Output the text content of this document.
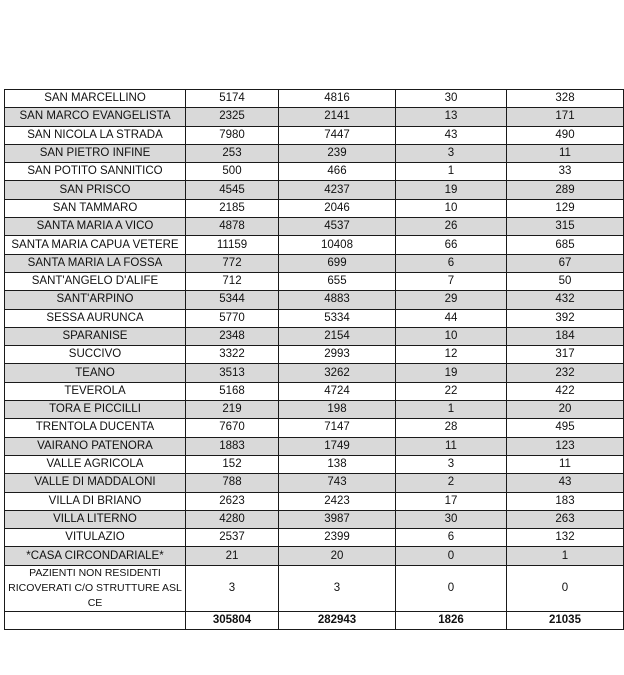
SAN MARCELLINO	5174	4816	30	328
SAN MARCO EVANGELISTA	2325	2141	13	171
SAN NICOLA LA STRADA	7980	7447	43	490
SAN PIETRO INFINE	253	239	3	11
SAN POTITO SANNITICO	500	466	1	33
SAN PRISCO	4545	4237	19	289
SAN TAMMARO	2185	2046	10	129
SANTA MARIA A VICO	4878	4537	26	315
SANTA MARIA CAPUA VETERE	11159	10408	66	685
SANTA MARIA LA FOSSA	772	699	6	67
SANT'ANGELO D'ALIFE	712	655	7	50
SANT'ARPINO	5344	4883	29	432
SESSA AURUNCA	5770	5334	44	392
SPARANISE	2348	2154	10	184
SUCCIVO	3322	2993	12	317
TEANO	3513	3262	19	232
TEVEROLA	5168	4724	22	422
TORA E PICCILLI	219	198	1	20
TRENTOLA DUCENTA	7670	7147	28	495
VAIRANO PATENORA	1883	1749	11	123
VALLE AGRICOLA	152	138	3	11
VALLE DI MADDALONI	788	743	2	43
VILLA DI BRIANO	2623	2423	17	183
VILLA LITERNO	4280	3987	30	263
VITULAZIO	2537	2399	6	132
*CASA CIRCONDARIALE*	21	20	0	1
PAZIENTI NON RESIDENTI RICOVERATI C/O STRUTTURE ASL CE	3	3	0	0
	305804	282943	1826	21035
